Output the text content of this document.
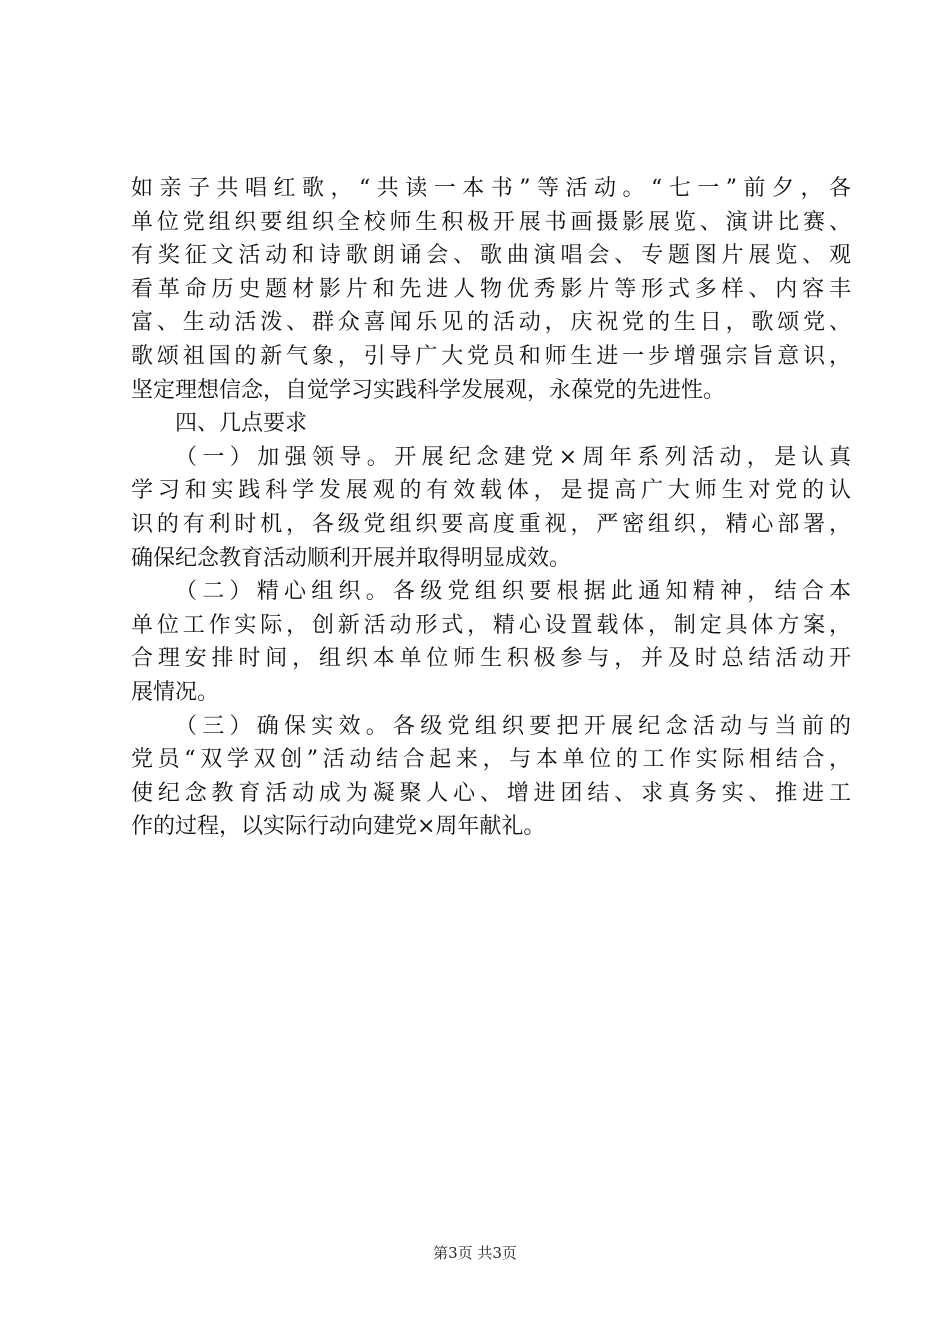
如亲子共唱红歌，“共读一本书”等活动。“七一”前夕，各
单位党组织要组织全校师生积极开展书画摄影展览、演讲比赛、
有奖征文活动和诗歌朗诵会、歌曲演唱会、专题图片展览、观
看革命历史题材影片和先进人物优秀影片等形式多样、内容丰
富、生动活泼、群众喜闻乐见的活动，庆祝党的生日，歌颂党、
歌颂祖国的新气象，引导广大党员和师生进一步增强宗旨意识，
坚定理想信念，自觉学习实践科学发展观，永葆党的先进性。
四、几点要求
（一）加强领导。开展纪念建党×周年系列活动，是认真
学习和实践科学发展观的有效载体，是提高广大师生对党的认
识的有利时机，各级党组织要高度重视，严密组织，精心部署，
确保纪念教育活动顺利开展并取得明显成效。
（二）精心组织。各级党组织要根据此通知精神，结合本
单位工作实际，创新活动形式，精心设置载体，制定具体方案，
合理安排时间，组织本单位师生积极参与，并及时总结活动开
展情况。
（三）确保实效。各级党组织要把开展纪念活动与当前的
党员“双学双创”活动结合起来，与本单位的工作实际相结合，
使纪念教育活动成为凝聚人心、增进团结、求真务实、推进工
作的过程，以实际行动向建党×周年献礼。
第3页 共3页
